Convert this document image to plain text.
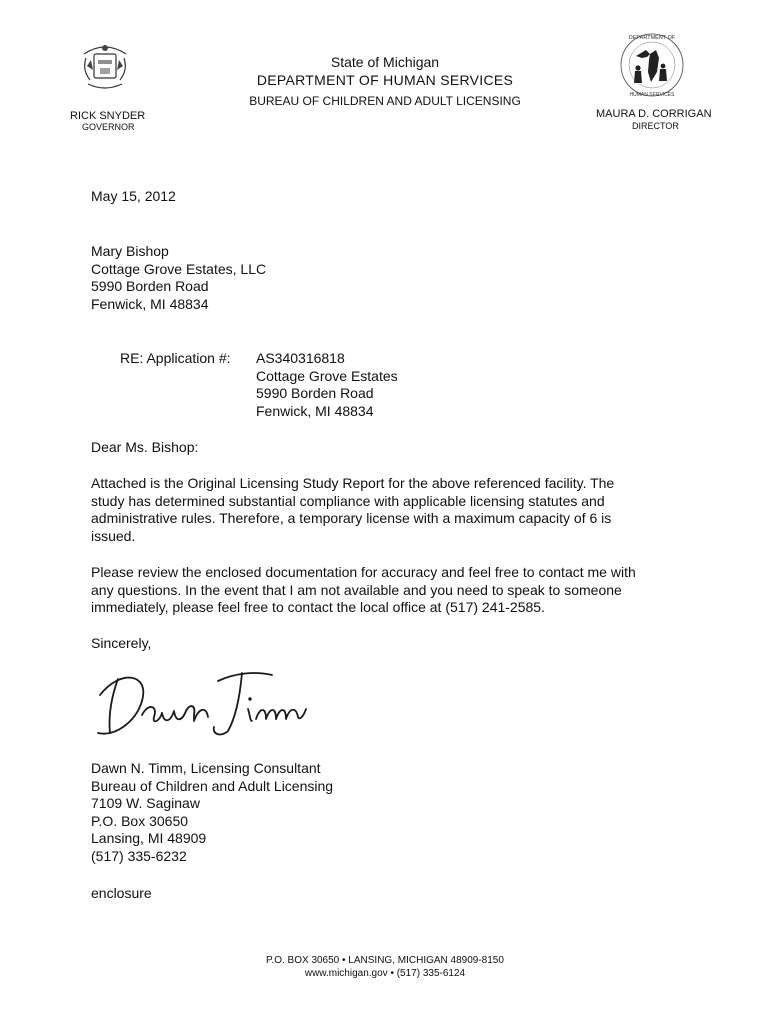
DEPARTMENT OF
HUMAN SERVICES
State of Michigan
DEPARTMENT OF HUMAN SERVICES
BUREAU OF CHILDREN AND ADULT LICENSING
RICK SNYDER
GOVERNOR
MAURA D. CORRIGAN
DIRECTOR
May 15, 2012
Mary Bishop
Cottage Grove Estates, LLC
5990 Borden Road
Fenwick, MI 48834
RE: Application #: AS340316818
Cottage Grove Estates
5990 Borden Road
Fenwick, MI 48834
Dear Ms. Bishop:
Attached is the Original Licensing Study Report for the above referenced facility. The
study has determined substantial compliance with applicable licensing statutes and
administrative rules. Therefore, a temporary license with a maximum capacity of 6 is
issued.
Please review the enclosed documentation for accuracy and feel free to contact me with
any questions. In the event that I am not available and you need to speak to someone
immediately, please feel free to contact the local office at (517) 241-2585.
Sincerely,
Dawn N. Timm, Licensing Consultant
Bureau of Children and Adult Licensing
7109 W. Saginaw
P.O. Box 30650
Lansing, MI 48909
(517) 335-6232
enclosure
P.O. BOX 30650 • LANSING, MICHIGAN 48909-8150
www.michigan.gov • (517) 335-6124
